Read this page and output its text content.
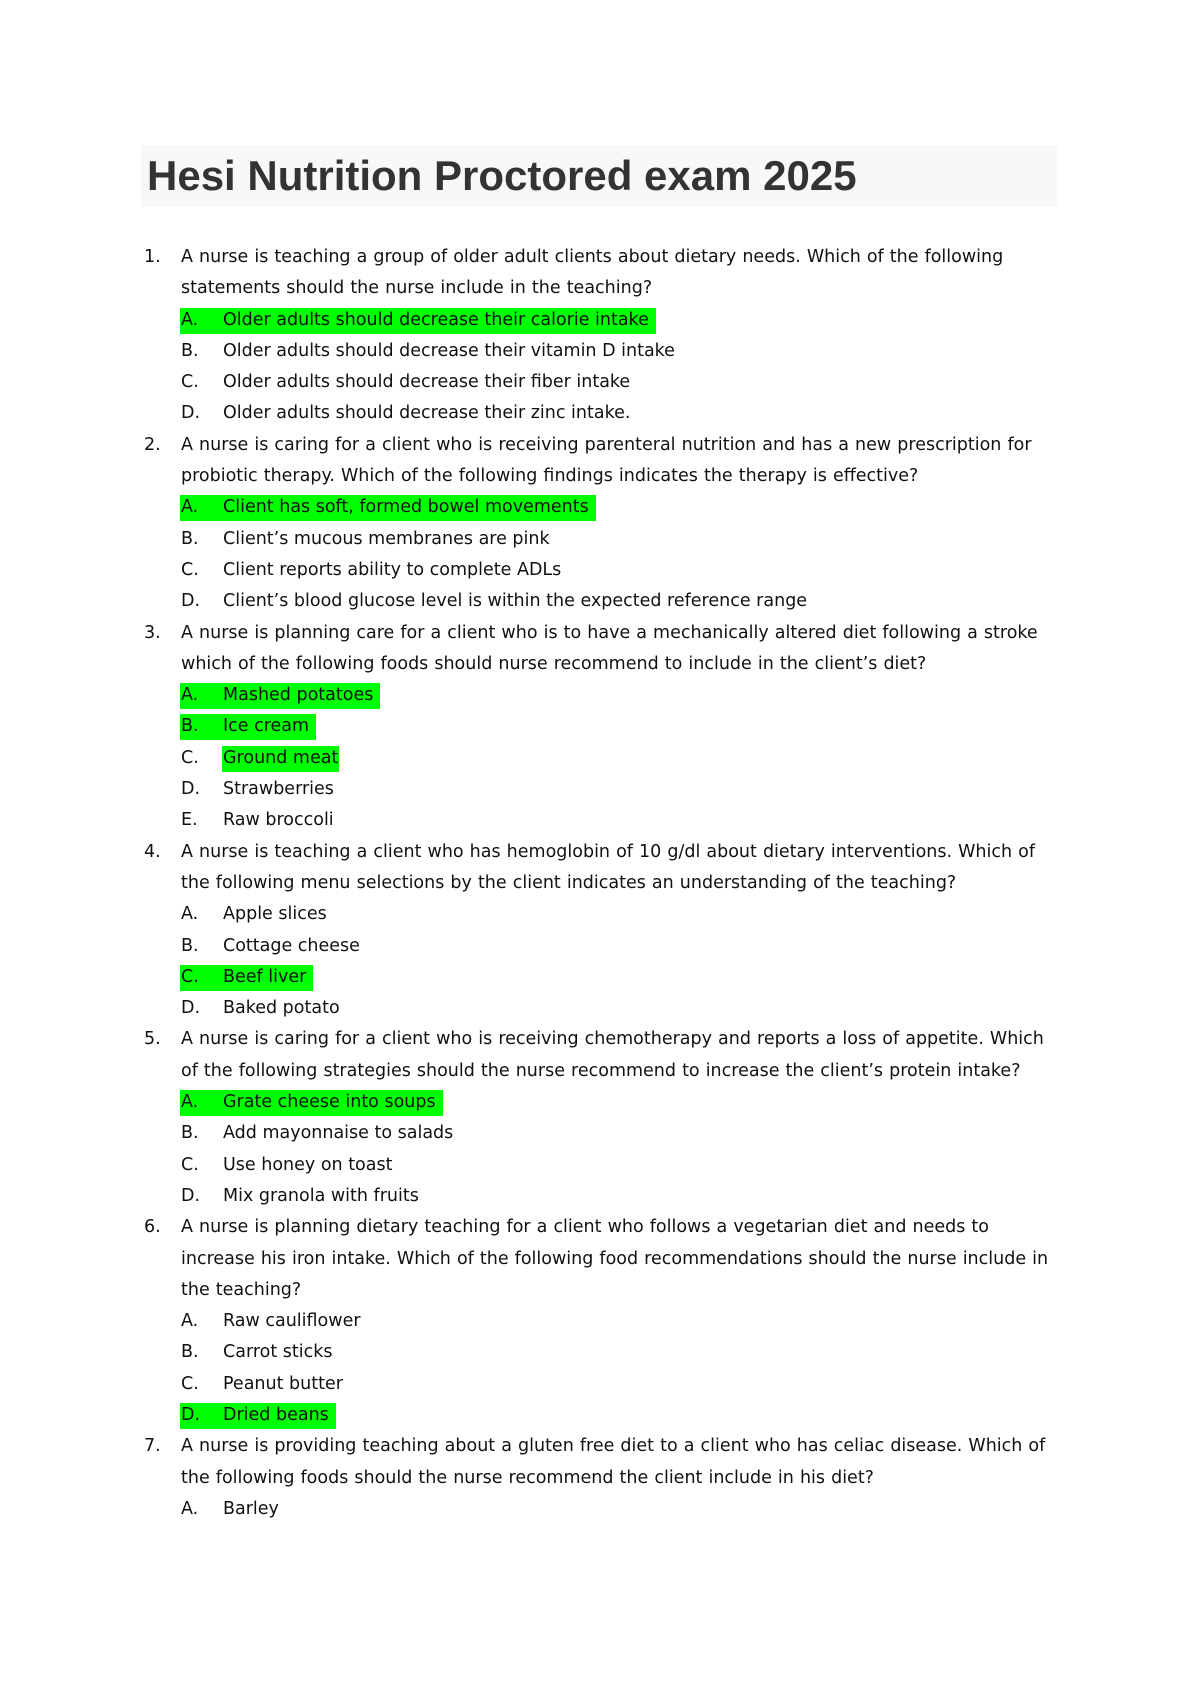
Hesi Nutrition Proctored exam 2025
1.	A nurse is teaching a group of older adult clients about dietary needs. Which of the following statements should the nurse include in the teaching?
A. Older adults should decrease their calorie intake
B. Older adults should decrease their vitamin D intake
C. Older adults should decrease their fiber intake
D. Older adults should decrease their zinc intake.
2.	A nurse is caring for a client who is receiving parenteral nutrition and has a new prescription for probiotic therapy. Which of the following findings indicates the therapy is effective?
A. Client has soft, formed bowel movements
B. Client’s mucous membranes are pink
C. Client reports ability to complete ADLs
D. Client’s blood glucose level is within the expected reference range
3.	A nurse is planning care for a client who is to have a mechanically altered diet following a stroke which of the following foods should nurse recommend to include in the client’s diet?
A. Mashed potatoes
B. Ice cream
C. Ground meat
D. Strawberries
E. Raw broccoli
4.	A nurse is teaching a client who has hemoglobin of 10 g/dl about dietary interventions. Which of the following menu selections by the client indicates an understanding of the teaching?
A. Apple slices
B. Cottage cheese
C. Beef liver
D. Baked potato
5.	A nurse is caring for a client who is receiving chemotherapy and reports a loss of appetite. Which of the following strategies should the nurse recommend to increase the client’s protein intake?
A. Grate cheese into soups
B. Add mayonnaise to salads
C. Use honey on toast
D. Mix granola with fruits
6.	A nurse is planning dietary teaching for a client who follows a vegetarian diet and needs to increase his iron intake. Which of the following food recommendations should the nurse include in the teaching?
A. Raw cauliflower
B. Carrot sticks
C. Peanut butter
D. Dried beans
7.	A nurse is providing teaching about a gluten free diet to a client who has celiac disease. Which of the following foods should the nurse recommend the client include in his diet?
A. Barley
